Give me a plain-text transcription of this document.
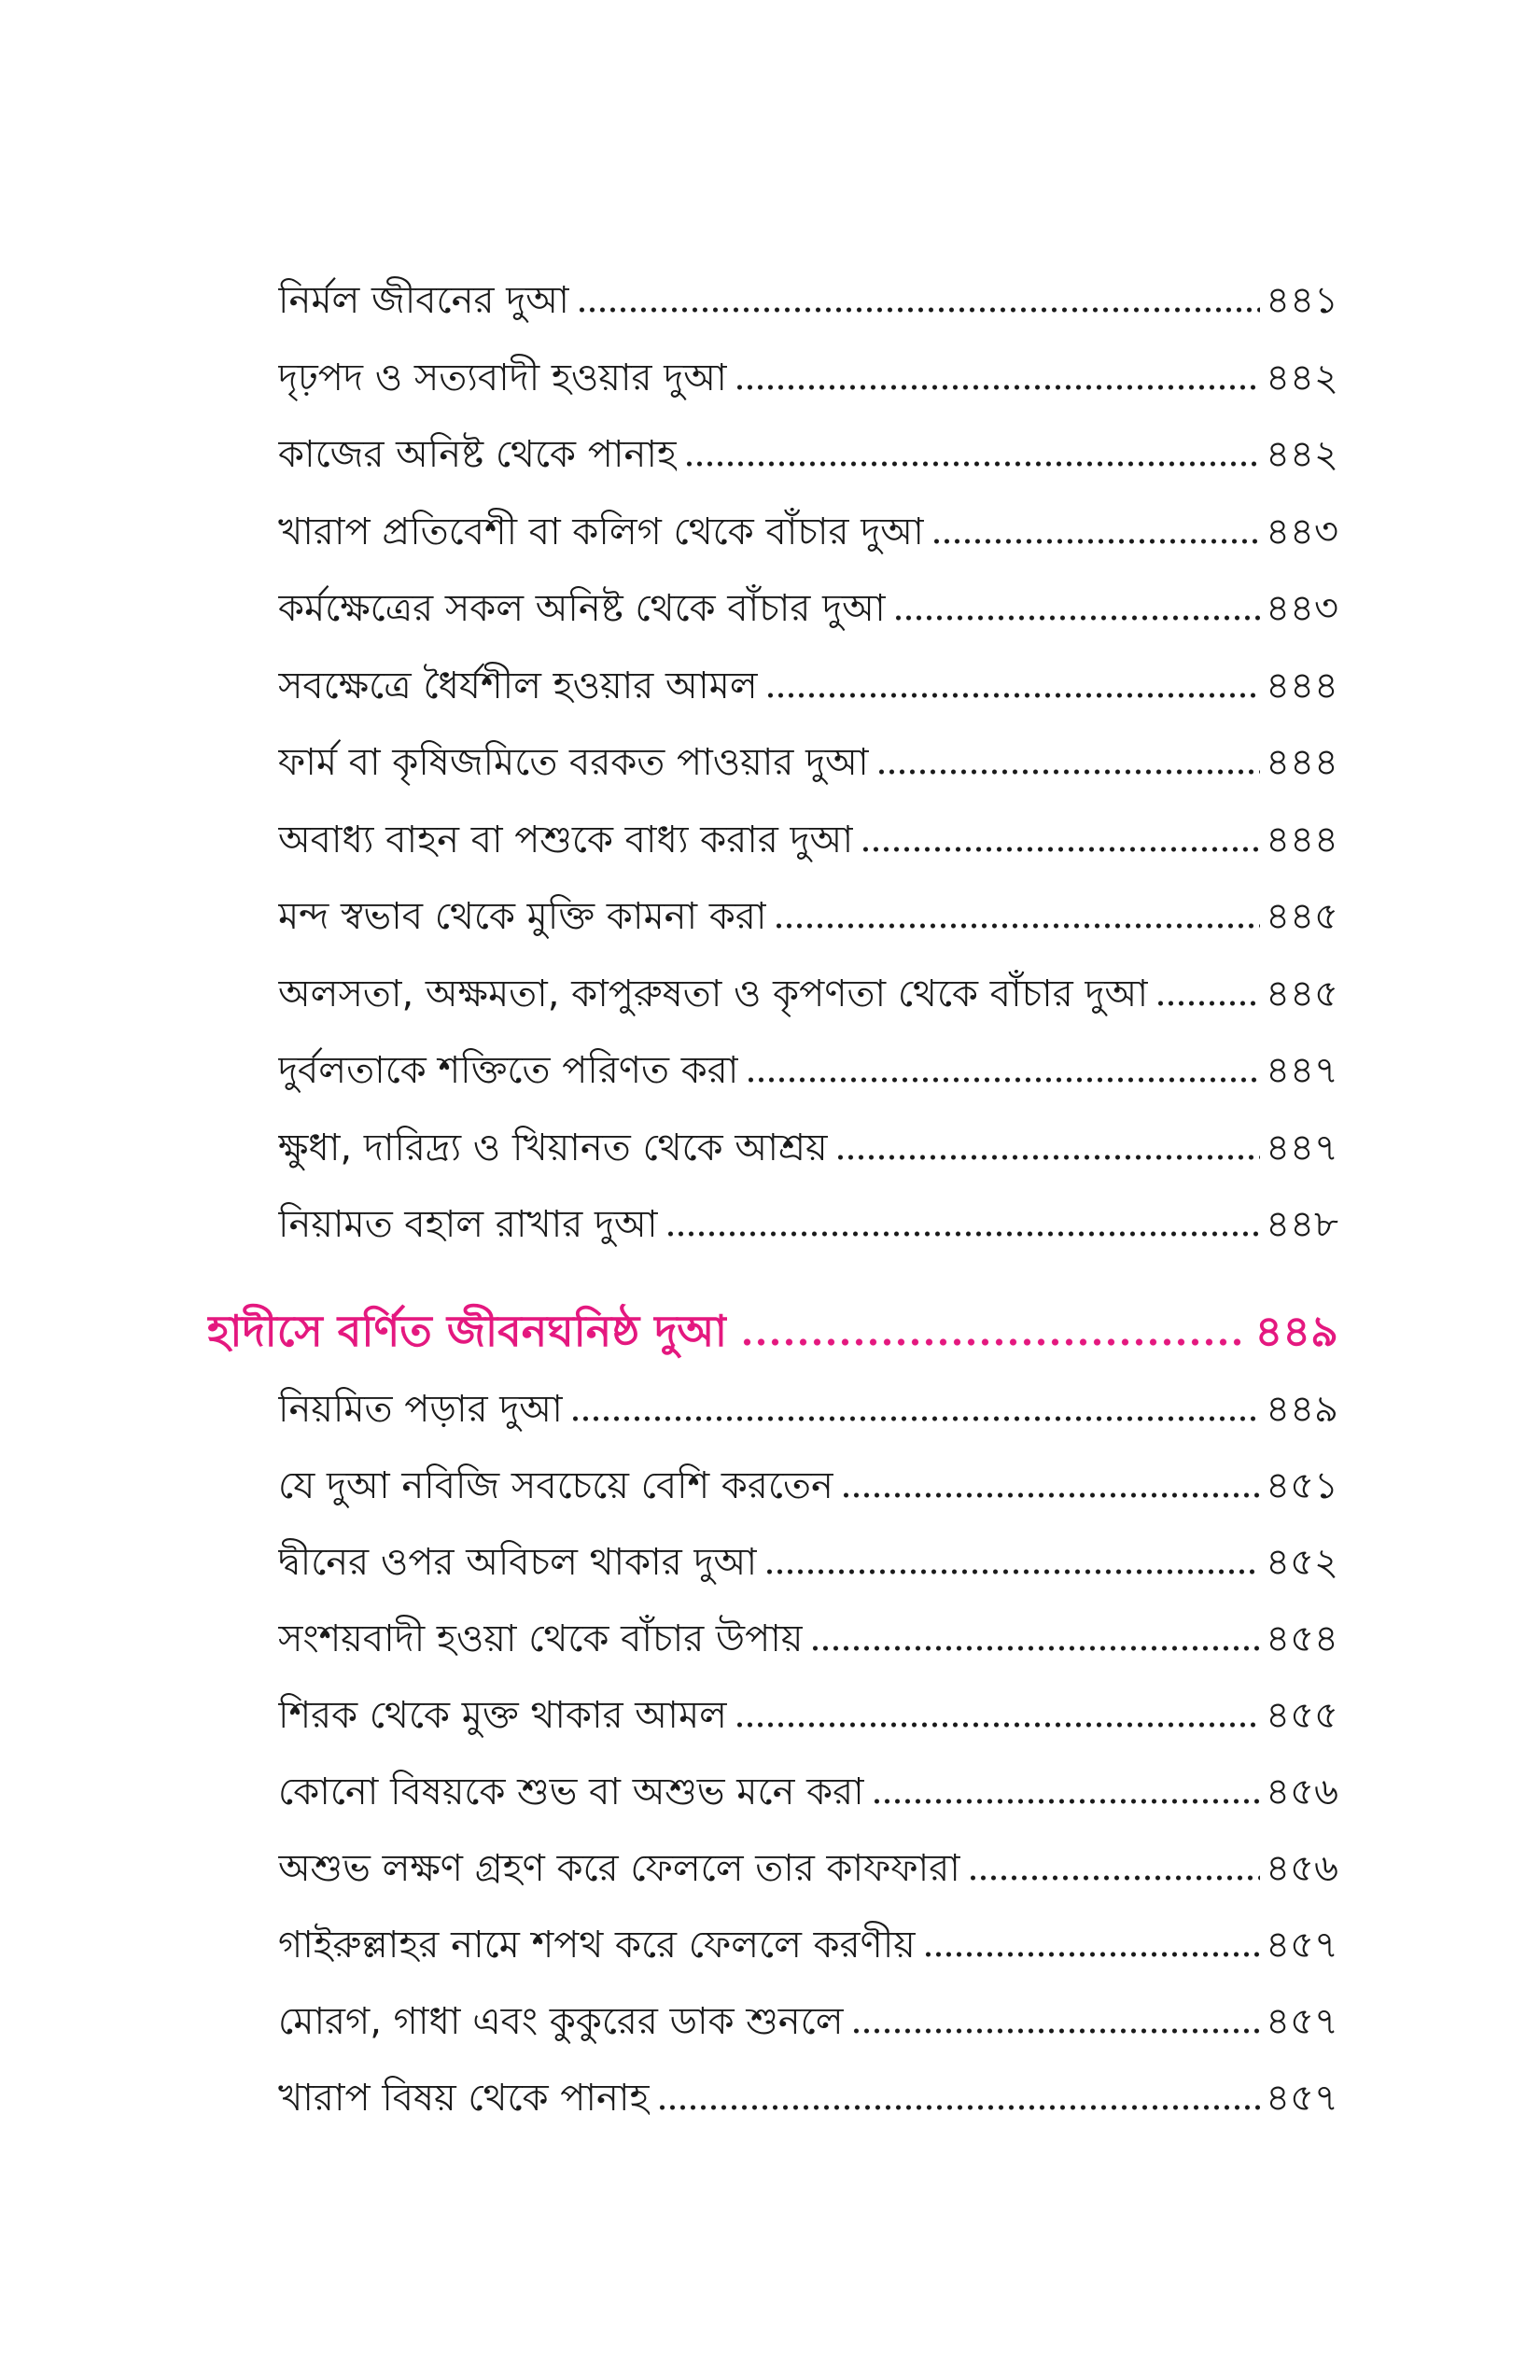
নির্মল জীবনের দুআ	৪৪১
দৃঢ়পদ ও সত্যবাদী হওয়ার দুআ	৪৪২
কাজের অনিষ্ট থেকে পানাহ	৪৪২
খারাপ প্রতিবেশী বা কলিগ থেকে বাঁচার দুআ	৪৪৩
কর্মক্ষেত্রের সকল অনিষ্ট থেকে বাঁচার দুআ	৪৪৩
সবক্ষেত্রে ধৈর্যশীল হওয়ার আমল	৪৪৪
ফার্ম বা কৃষিজমিতে বরকত পাওয়ার দুআ	৪৪৪
অবাধ্য বাহন বা পশুকে বাধ্য করার দুআ	৪৪৪
মন্দ স্বভাব থেকে মুক্তি কামনা করা	৪৪৫
অলসতা, অক্ষমতা, কাপুরুষতা ও কৃপণতা থেকে বাঁচার দুআ	৪৪৫
দুর্বলতাকে শক্তিতে পরিণত করা	৪৪৭
ক্ষুধা, দারিদ্র্য ও খিয়ানত থেকে আশ্রয়	৪৪৭
নিয়ামত বহাল রাখার দুআ	৪৪৮
হাদীসে বর্ণিত জীবনঘনিষ্ঠ দুআ	৪৪৯
নিয়মিত পড়ার দুআ	৪৪৯
যে দুআ নবিজি সবচেয়ে বেশি করতেন	৪৫১
দ্বীনের ওপর অবিচল থাকার দুআ	৪৫২
সংশয়বাদী হওয়া থেকে বাঁচার উপায়	৪৫৪
শিরক থেকে মুক্ত থাকার আমল	৪৫৫
কোনো বিষয়কে শুভ বা অশুভ মনে করা	৪৫৬
অশুভ লক্ষণ গ্রহণ করে ফেললে তার কাফফারা	৪৫৬
গাইরুল্লাহর নামে শপথ করে ফেললে করণীয়	৪৫৭
মোরগ, গাধা এবং কুকুরের ডাক শুনলে	৪৫৭
খারাপ বিষয় থেকে পানাহ	৪৫৭
